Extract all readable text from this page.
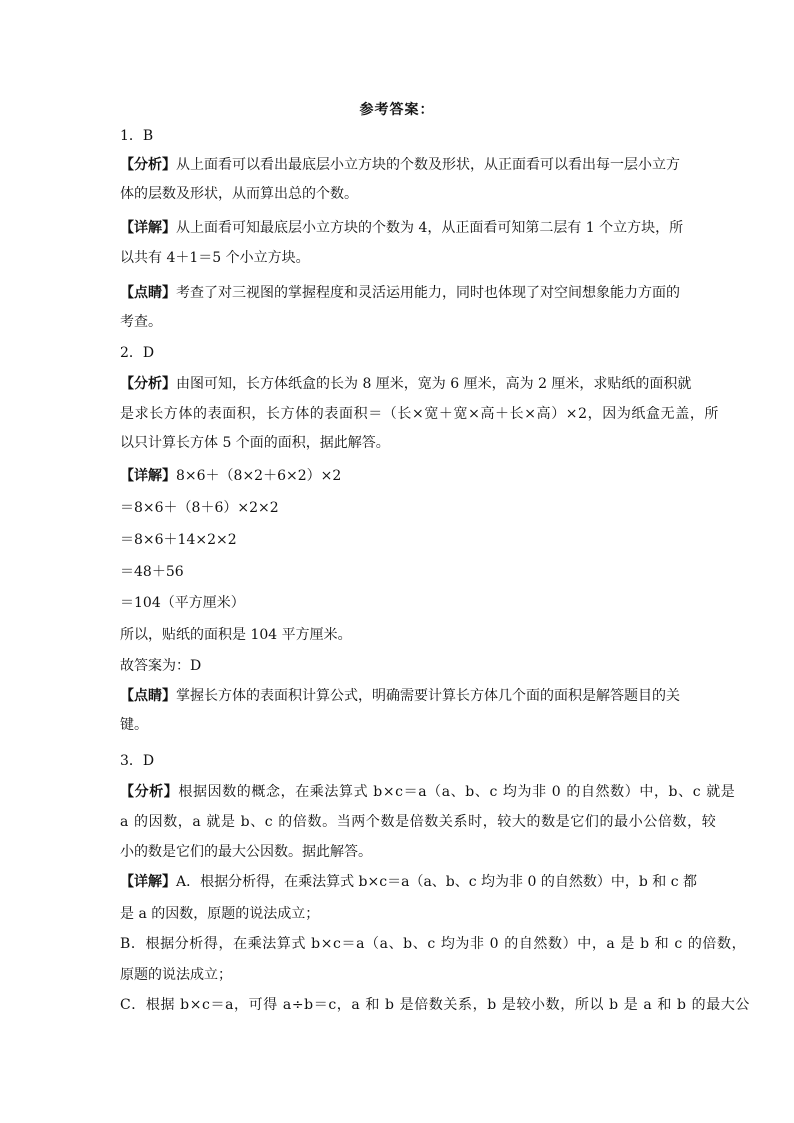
参考答案：
1．B
【分析】从上面看可以看出最底层小立方块的个数及形状，从正面看可以看出每一层小立方
体的层数及形状，从而算出总的个数。
【详解】从上面看可知最底层小立方块的个数为 4，从正面看可知第二层有 1 个立方块，所
以共有 4＋1＝5 个小立方块。
【点睛】考查了对三视图的掌握程度和灵活运用能力，同时也体现了对空间想象能力方面的
考查。
2．D
【分析】由图可知，长方体纸盒的长为 8 厘米，宽为 6 厘米，高为 2 厘米，求贴纸的面积就
是求长方体的表面积，长方体的表面积＝（长×宽＋宽×高＋长×高）×2，因为纸盒无盖，所
以只计算长方体 5 个面的面积，据此解答。
【详解】8×6＋（8×2＋6×2）×2
＝8×6＋（8＋6）×2×2
＝8×6＋14×2×2
＝48＋56
＝104（平方厘米）
所以，贴纸的面积是 104 平方厘米。
故答案为：D
【点睛】掌握长方体的表面积计算公式，明确需要计算长方体几个面的面积是解答题目的关
键。
3．D
【分析】根据因数的概念，在乘法算式 b×c＝a（a、b、c 均为非 0 的自然数）中，b、c 就是
a 的因数，a 就是 b、c 的倍数。当两个数是倍数关系时，较大的数是它们的最小公倍数，较
小的数是它们的最大公因数。据此解答。
【详解】A．根据分析得，在乘法算式 b×c＝a（a、b、c 均为非 0 的自然数）中，b 和 c 都
是 a 的因数，原题的说法成立；
B．根据分析得，在乘法算式 b×c＝a（a、b、c 均为非 0 的自然数）中，a 是 b 和 c 的倍数，
原题的说法成立；
C．根据 b×c＝a，可得 a÷b＝c，a 和 b 是倍数关系，b 是较小数，所以 b 是 a 和 b 的最大公
